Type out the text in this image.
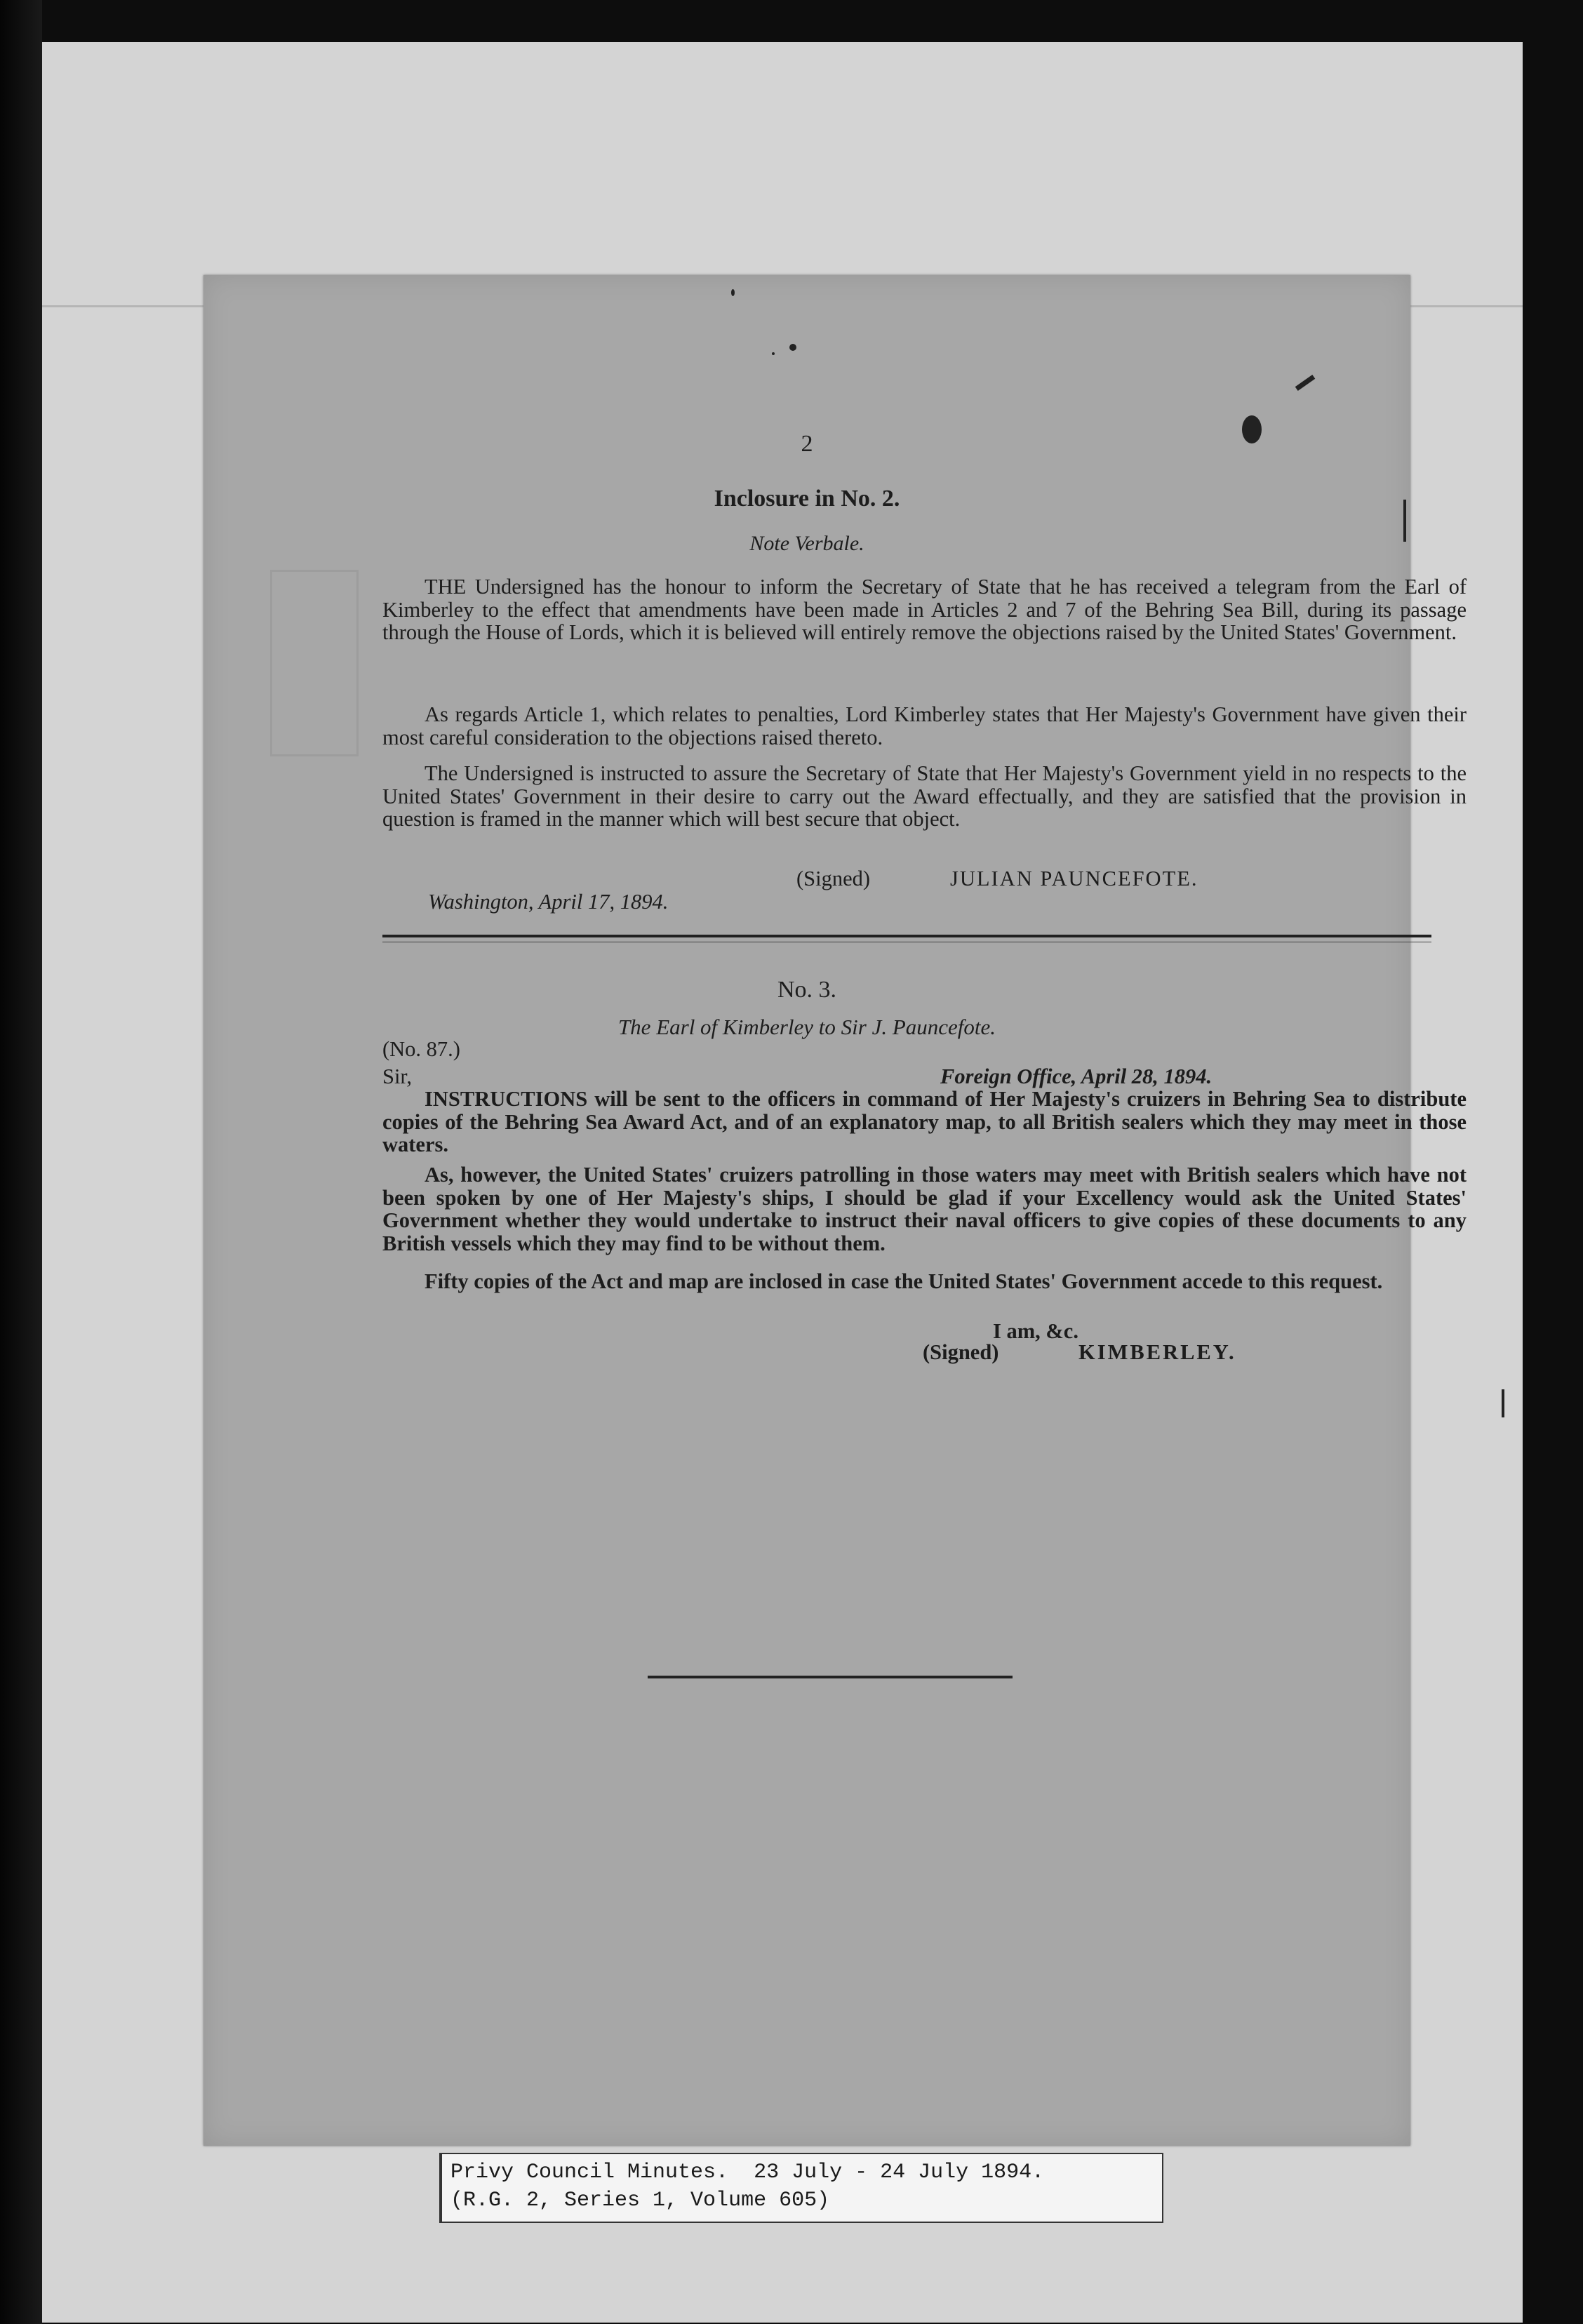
2
Inclosure in No. 2.
Note Verbale.

THE Undersigned has the honour to inform the Secretary of State that he has received a telegram from the Earl of Kimberley to the effect that amendments have been made in Articles 2 and 7 of the Behring Sea Bill, during its passage through the House of Lords, which it is believed will entirely remove the objections raised by the United States' Government.

As regards Article 1, which relates to penalties, Lord Kimberley states that Her Majesty's Government have given their most careful consideration to the objections raised thereto.

The Undersigned is instructed to assure the Secretary of State that Her Majesty's Government yield in no respects to the United States' Government in their desire to carry out the Award effectually, and they are satisfied that the provision in question is framed in the manner which will best secure that object.

(Signed)	JULIAN PAUNCEFOTE.
Washington, April 17, 1894.
No. 3.
The Earl of Kimberley to Sir J. Pauncefote.
(No. 87.)
Sir,	Foreign Office, April 28, 1894.

INSTRUCTIONS will be sent to the officers in command of Her Majesty's cruizers in Behring Sea to distribute copies of the Behring Sea Award Act, and of an explanatory map, to all British sealers which they may meet in those waters.

As, however, the United States' cruizers patrolling in those waters may meet with British sealers which have not been spoken by one of Her Majesty's ships, I should be glad if your Excellency would ask the United States' Government whether they would undertake to instruct their naval officers to give copies of these documents to any British vessels which they may find to be without them.

Fifty copies of the Act and map are inclosed in case the United States' Government accede to this request.

I am, &c.
(Signed)	KIMBERLEY.
Privy Council Minutes.  23 July - 24 July 1894.
(R.G. 2, Series 1, Volume 605)
